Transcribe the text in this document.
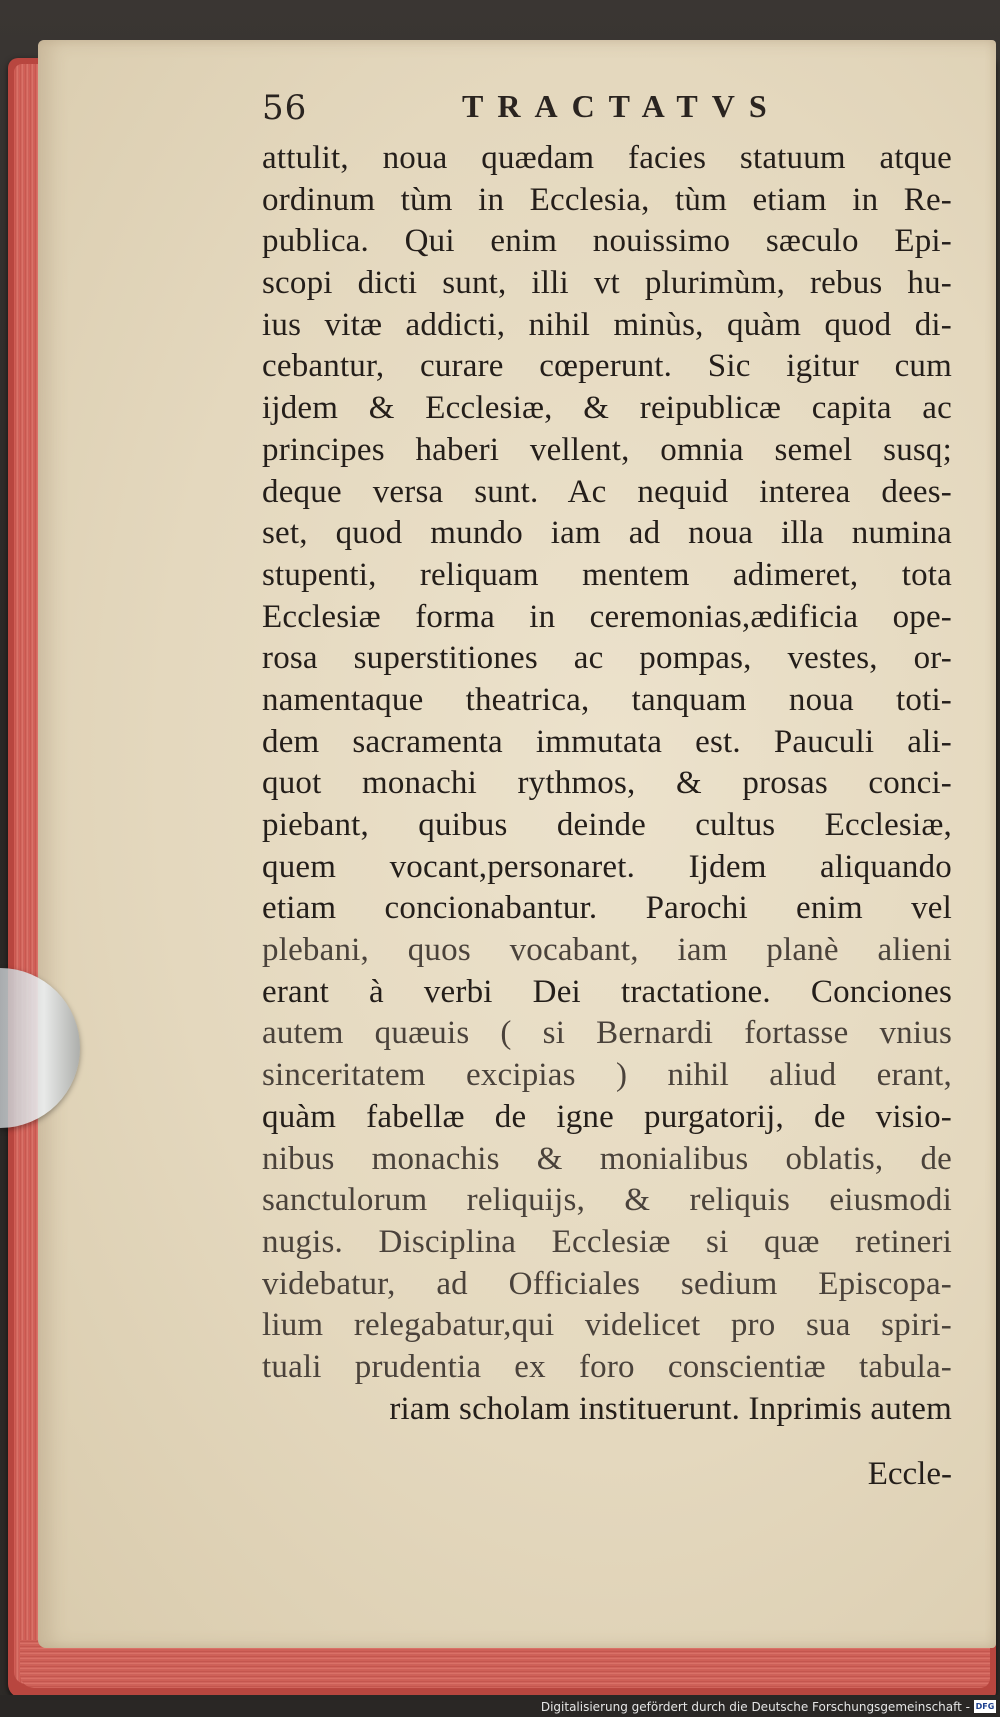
56	TRACTATVS
attulit, noua quædam facies statuum atque
ordinum tùm in Ecclesia, tùm etiam in Re-
publica. Qui enim nouissimo sæculo Epi-
scopi dicti sunt, illi vt plurimùm, rebus hu-
ius vitæ addicti, nihil minùs, quàm quod di-
cebantur, curare cœperunt. Sic igitur cum
ijdem & Ecclesiæ, & reipublicæ capita ac
principes haberi vellent, omnia semel susq;
deque versa sunt. Ac nequid interea dees-
set, quod mundo iam ad noua illa numina
stupenti, reliquam mentem adimeret, tota
Ecclesiæ forma in ceremonias,ædificia ope-
rosa superstitiones ac pompas, vestes, or-
namentaque theatrica, tanquam noua toti-
dem sacramenta immutata est. Pauculi ali-
quot monachi rythmos, & prosas conci-
piebant, quibus deinde cultus Ecclesiæ,
quem vocant,personaret. Ijdem aliquando
etiam concionabantur. Parochi enim vel
plebani, quos vocabant, iam planè alieni
erant à verbi Dei tractatione. Conciones
autem quæuis ( si Bernardi fortasse vnius
sinceritatem excipias ) nihil aliud erant,
quàm fabellæ de igne purgatorij, de visio-
nibus monachis & monialibus oblatis, de
sanctulorum reliquijs, & reliquis eiusmodi
nugis. Disciplina Ecclesiæ si quæ retineri
videbatur, ad Officiales sedium Episcopa-
lium relegabatur,qui videlicet pro sua spiri-
tuali prudentia ex foro conscientiæ tabula-
riam scholam instituerunt. Inprimis autem
Eccle-
Digitalisierung gefördert durch die Deutsche Forschungsgemeinschaft - DFG
